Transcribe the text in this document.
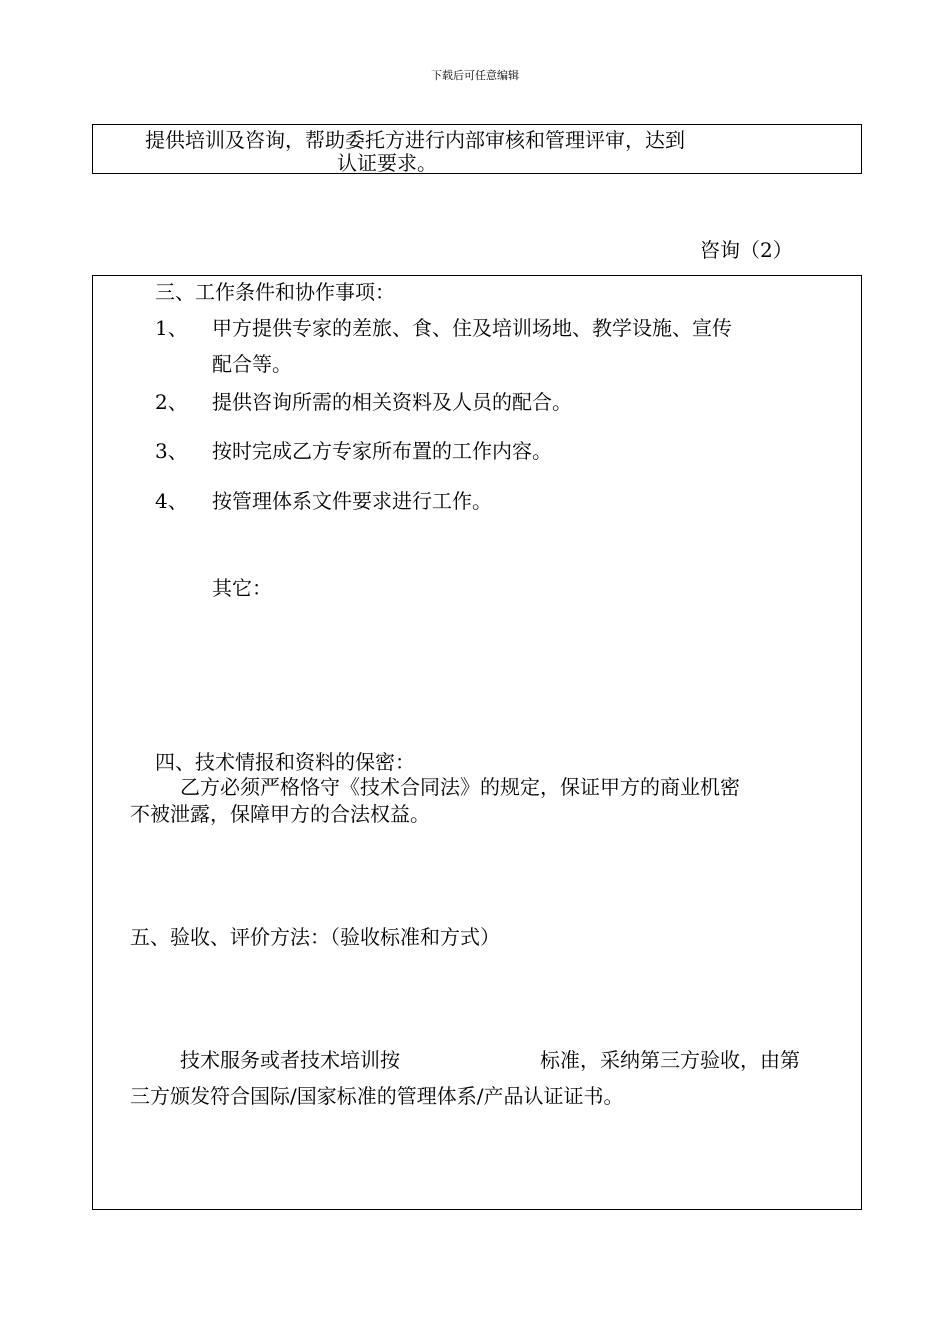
下载后可任意编辑
提供培训及咨询，帮助委托方进行内部审核和管理评审，达到
认证要求。
咨询（2）
三、工作条件和协作事项：
1、 甲方提供专家的差旅、食、住及培训场地、教学设施、宣传
配合等。
2、 提供咨询所需的相关资料及人员的配合。
3、 按时完成乙方专家所布置的工作内容。
4、 按管理体系文件要求进行工作。
其它：
四、技术情报和资料的保密：
乙方必须严格恪守《技术合同法》的规定，保证甲方的商业机密
不被泄露，保障甲方的合法权益。
五、验收、评价方法：（验收标准和方式）
技术服务或者技术培训按	标准，采纳第三方验收，由第
三方颁发符合国际/国家标准的管理体系/产品认证证书。
